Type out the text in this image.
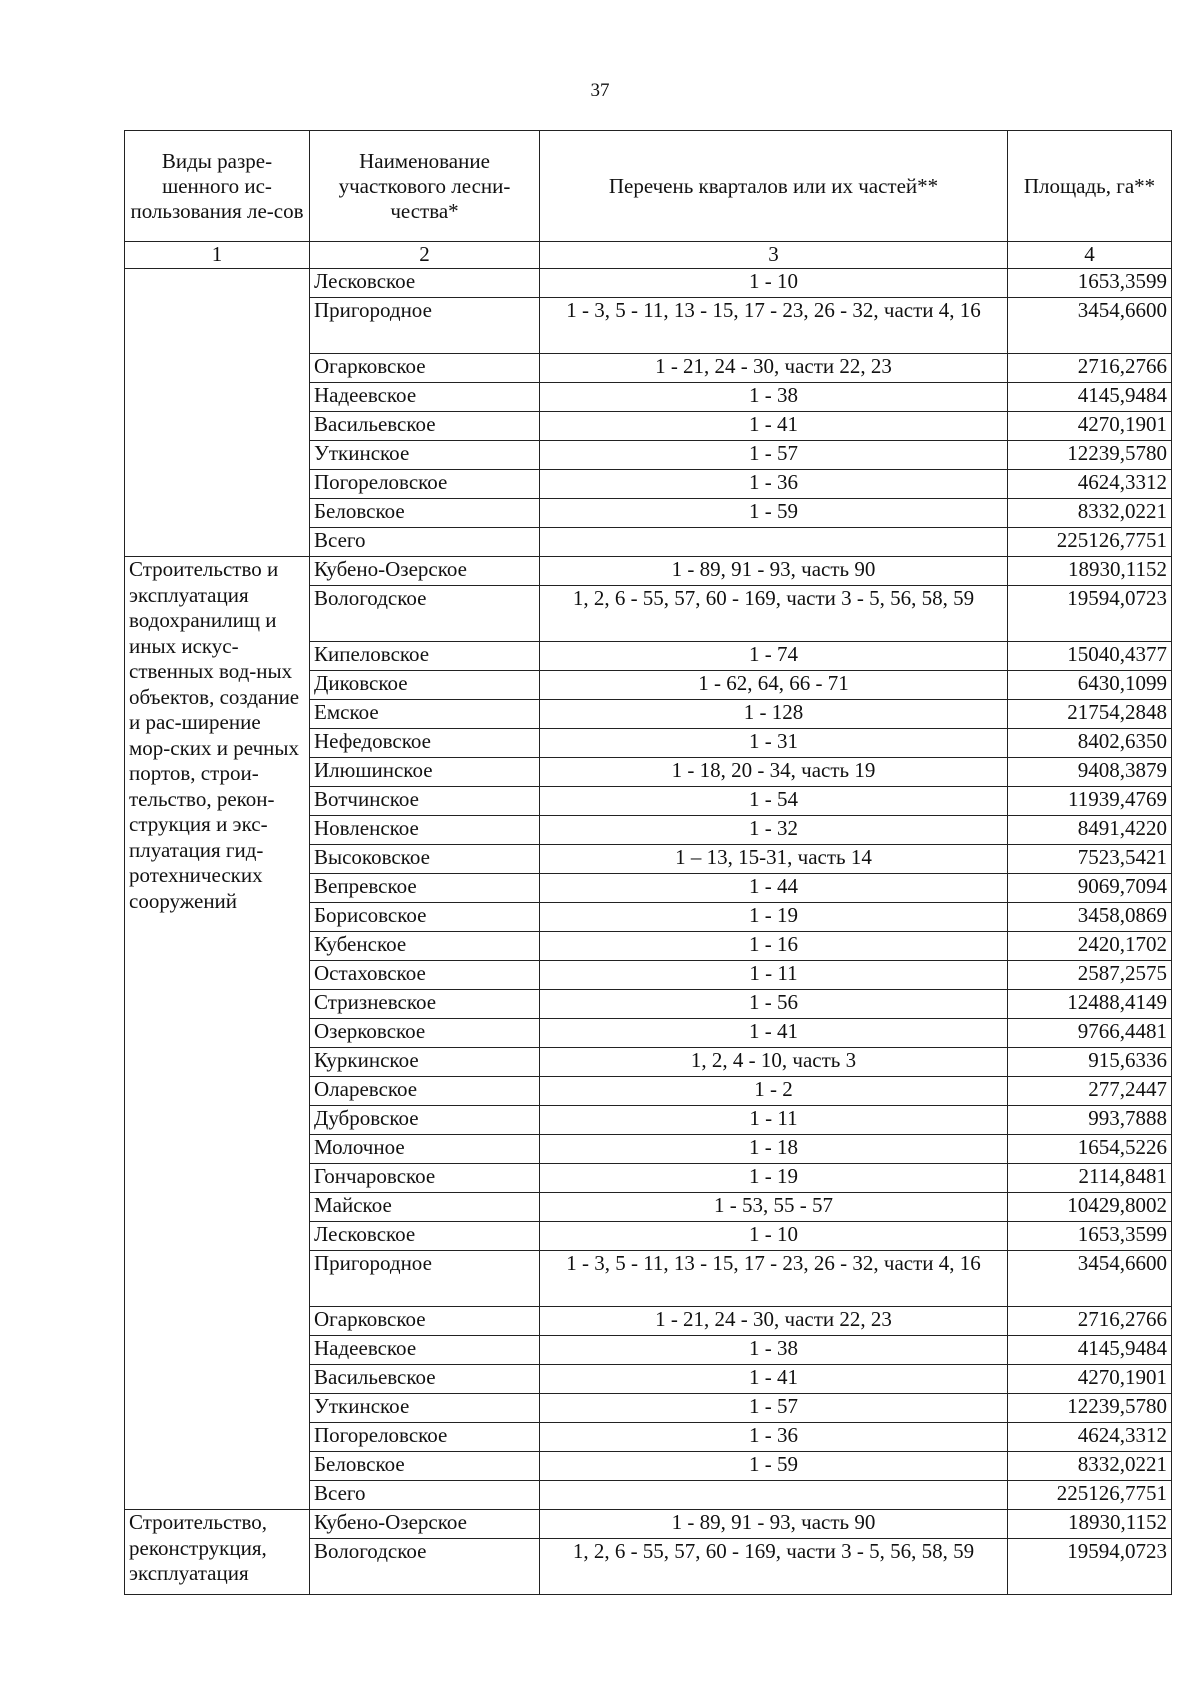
37
Виды разре-шенного ис-пользования ле-сов	Наименование участкового лесни-чества*	Перечень кварталов или их частей**	Площадь, га**
1	2	3	4
	Лесковское	1 - 10	1653,3599
	Пригородное	1 - 3, 5 - 11, 13 - 15, 17 - 23, 26 - 32, части 4, 16	3454,6600
	Огарковское	1 - 21, 24 - 30, части 22, 23	2716,2766
	Надеевское	1 - 38	4145,9484
	Васильевское	1 - 41	4270,1901
	Уткинское	1 - 57	12239,5780
	Погореловское	1 - 36	4624,3312
	Беловское	1 - 59	8332,0221
	Всего		225126,7751
Строительство и эксплуатация водохранилищ и иных искус-ственных вод-ных объектов, создание и рас-ширение мор-ских и речных портов, строи-тельство, рекон-струкция и экс-плуатация гид-ротехнических сооружений	Кубено-Озерское	1 - 89, 91 - 93, часть 90	18930,1152
	Вологодское	1, 2, 6 - 55, 57, 60 - 169, части 3 - 5, 56, 58, 59	19594,0723
	Кипеловское	1 - 74	15040,4377
	Диковское	1 - 62, 64, 66 - 71	6430,1099
	Емское	1 - 128	21754,2848
	Нефедовское	1 - 31	8402,6350
	Илюшинское	1 - 18, 20 - 34, часть 19	9408,3879
	Вотчинское	1 - 54	11939,4769
	Новленское	1 - 32	8491,4220
	Высоковское	1 – 13, 15-31, часть 14	7523,5421
	Вепревское	1 - 44	9069,7094
	Борисовское	1 - 19	3458,0869
	Кубенское	1 - 16	2420,1702
	Остаховское	1 - 11	2587,2575
	Стризневское	1 - 56	12488,4149
	Озерковское	1 - 41	9766,4481
	Куркинское	1, 2, 4 - 10, часть 3	915,6336
	Оларевское	1 - 2	277,2447
	Дубровское	1 - 11	993,7888
	Молочное	1 - 18	1654,5226
	Гончаровское	1 - 19	2114,8481
	Майское	1 - 53, 55 - 57	10429,8002
	Лесковское	1 - 10	1653,3599
	Пригородное	1 - 3, 5 - 11, 13 - 15, 17 - 23, 26 - 32, части 4, 16	3454,6600
	Огарковское	1 - 21, 24 - 30, части 22, 23	2716,2766
	Надеевское	1 - 38	4145,9484
	Васильевское	1 - 41	4270,1901
	Уткинское	1 - 57	12239,5780
	Погореловское	1 - 36	4624,3312
	Беловское	1 - 59	8332,0221
	Всего		225126,7751
Строительство, реконструкция, эксплуатация	Кубено-Озерское	1 - 89, 91 - 93, часть 90	18930,1152
	Вологодское	1, 2, 6 - 55, 57, 60 - 169, части 3 - 5, 56, 58, 59	19594,0723
